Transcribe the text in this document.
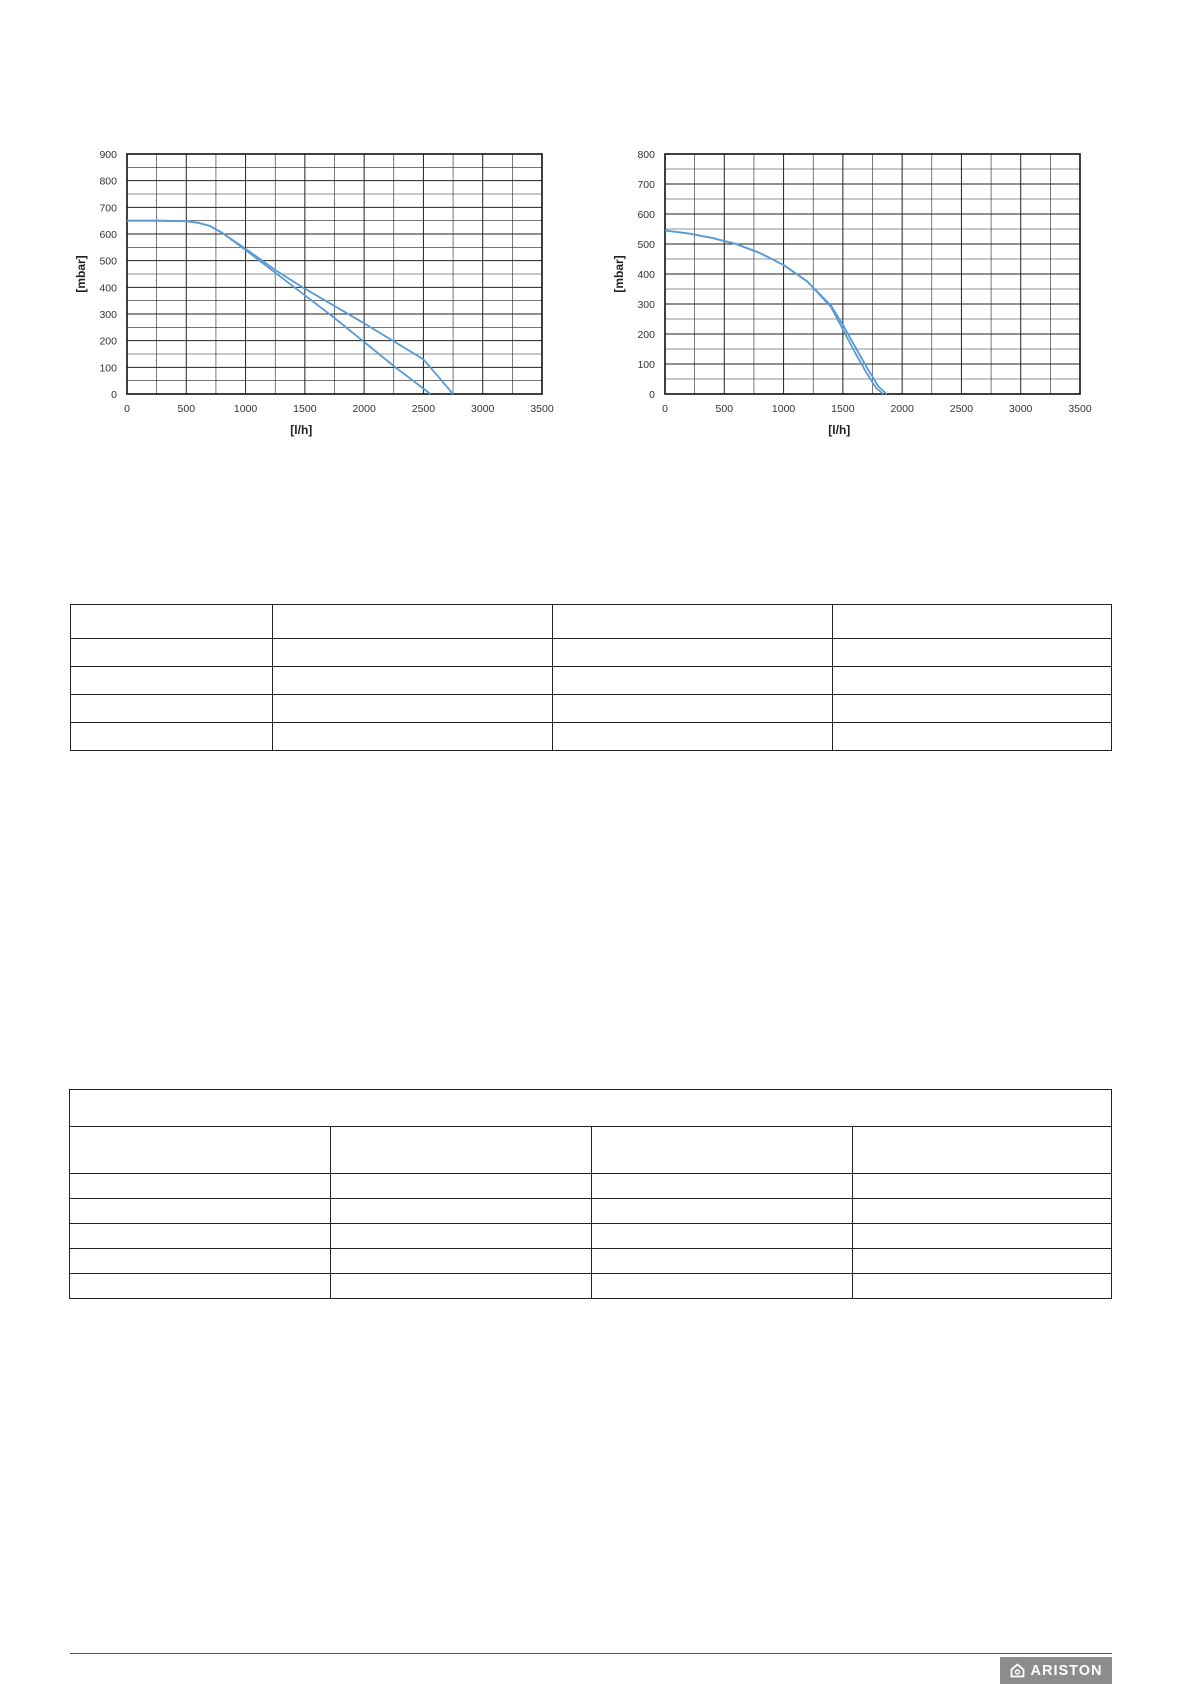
0	500	1000	1500	2000	2500	3000	3500
0
100
200
300
400
500
600
700
800
900
[l/h]
[mbar]
0	500	1000	1500	2000	2500	3000	3500
0
100
200
300
400
500
600
700
800
[l/h]
[mbar]

ARISTON
